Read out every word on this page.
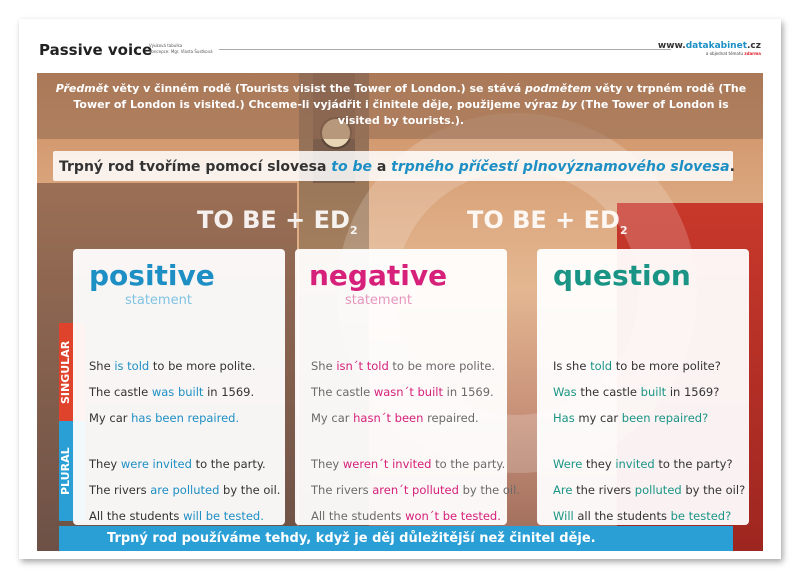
Passive voice
Výuková tabulka
Koncepce: Mgr. Vlasta Šustková
www.datakabinet.cz
a objednat tématu zdarma
Předmět věty v činném rodě (Tourists visist the Tower of London.) se stává podmětem věty v trpném rodě (The Tower of London is visited.) Chceme-li vyjádřit i činitele děje, použijeme výraz by (The Tower of London is visited by tourists.).
Trpný rod tvoříme pomocí slovesa to be a trpného příčestí plnovýznamového slovesa.
TO BE + $ED_2$	TO BE + $ED_2$
SINGULAR
PLURAL
positive
statement
She is told to be more polite.
The castle was built in 1569.
My car has been repaired.
They were invited to the party.
The rivers are polluted by the oil.
All the students will be tested.
negative
statement
She isn´t told to be more polite.
The castle wasn´t built in 1569.
My car hasn´t been repaired.
They weren´t invited to the party.
The rivers aren´t polluted by the oil.
All the students won´t be tested.
question
Is she told to be more polite?
Was the castle built in 1569?
Has my car been repaired?
Were they invited to the party?
Are the rivers polluted by the oil?
Will all the students be tested?
Trpný rod používáme tehdy, když je děj důležitější než činitel děje.
